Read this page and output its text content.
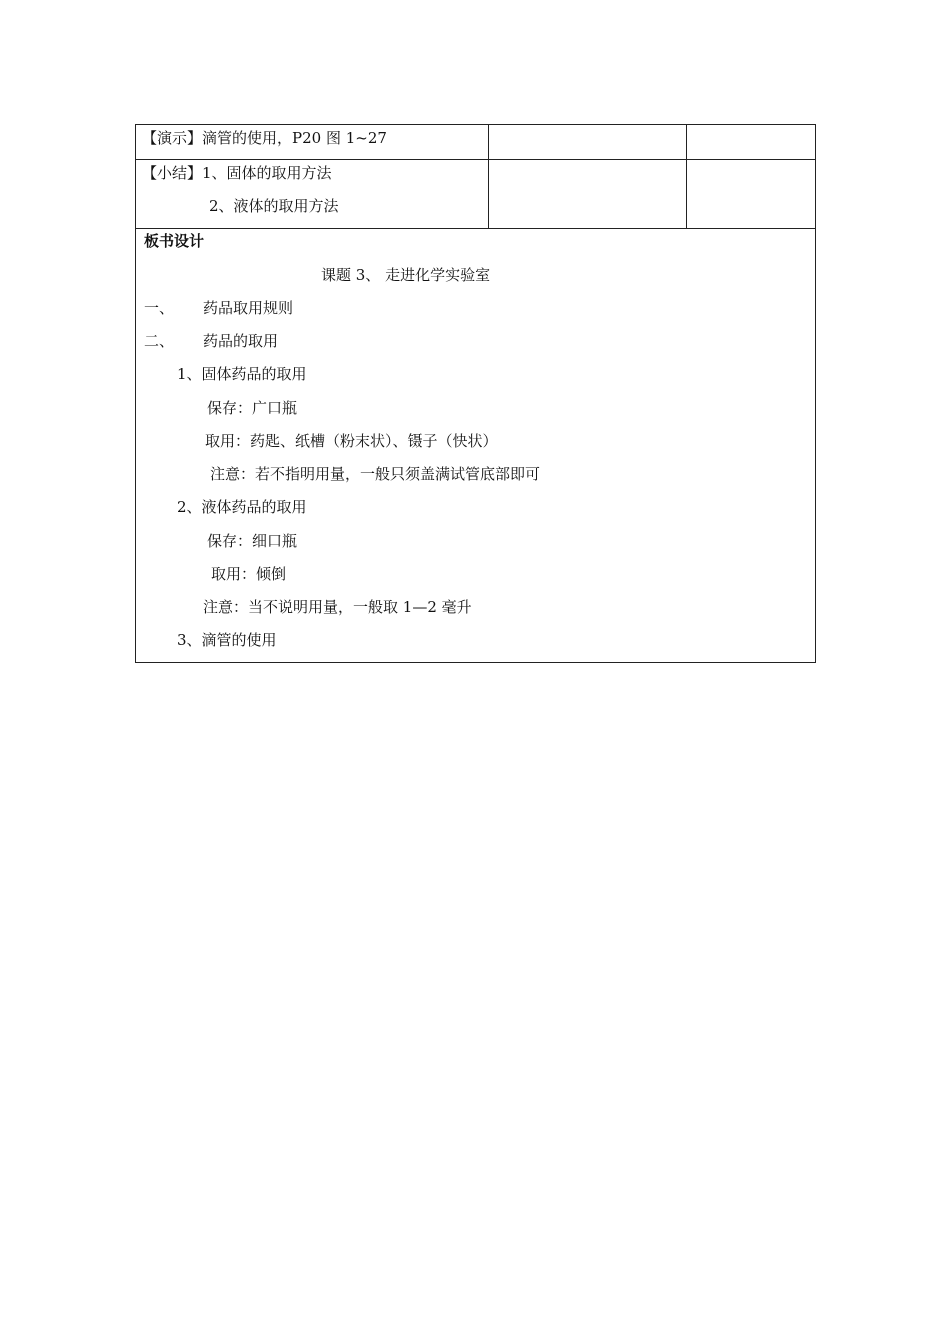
【演示】滴管的使用，P20 图 1~27
【小结】1、固体的取用方法
2、液体的取用方法
板书设计
课题 3、 走进化学实验室
一、 药品取用规则
二、 药品的取用
1、固体药品的取用
保存：广口瓶
取用：药匙、纸槽（粉末状）、镊子（快状）
注意：若不指明用量，一般只须盖满试管底部即可
2、液体药品的取用
保存：细口瓶
取用：倾倒
注意：当不说明用量，一般取 1—2 毫升
3、滴管的使用
